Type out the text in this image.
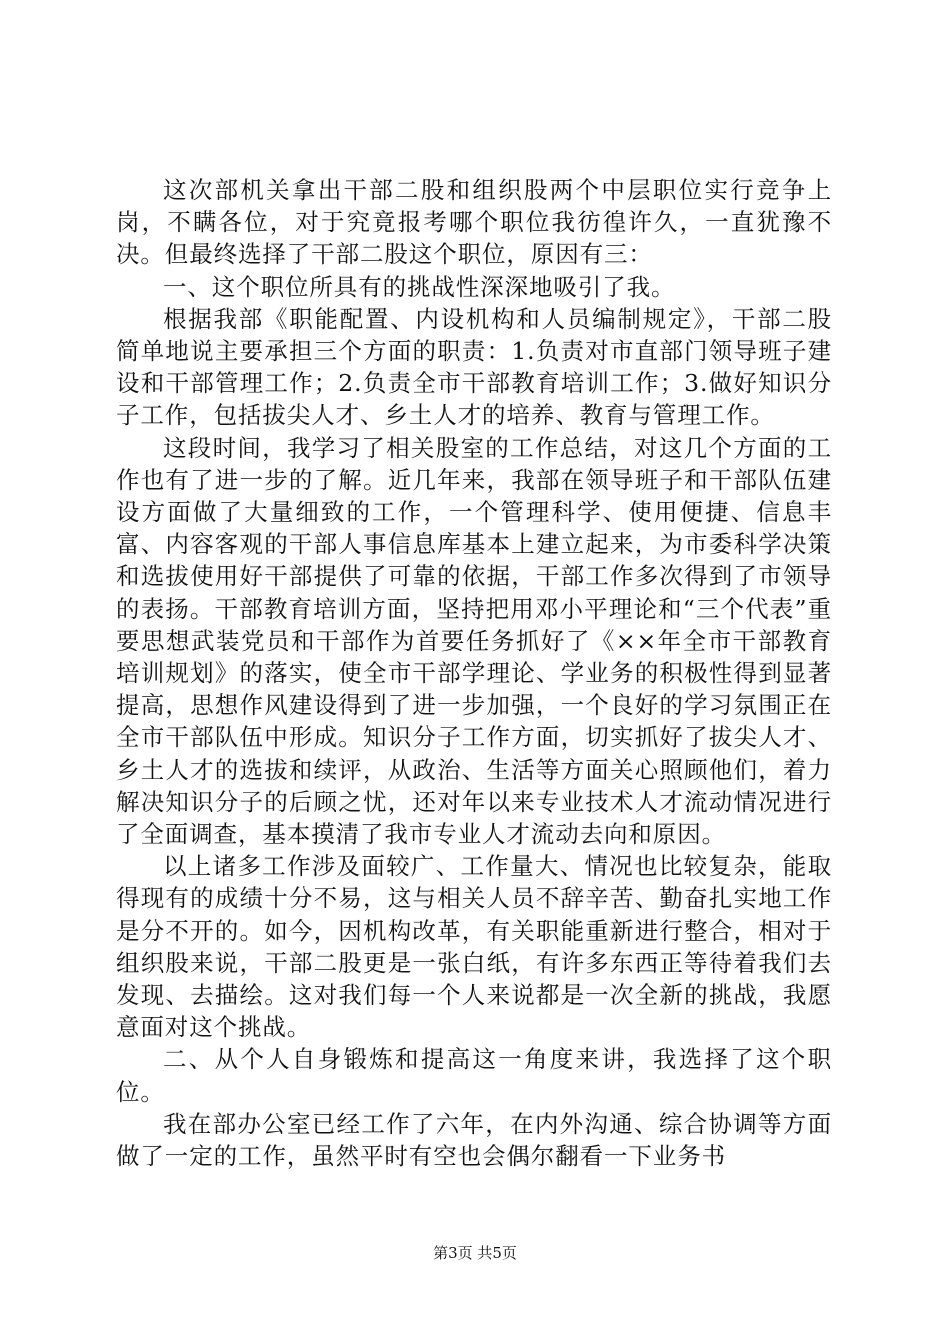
这次部机关拿出干部二股和组织股两个中层职位实行竞争上岗，不瞒各位，对于究竟报考哪个职位我彷徨许久，一直犹豫不决。但最终选择了干部二股这个职位，原因有三：

一、这个职位所具有的挑战性深深地吸引了我。

根据我部《职能配置、内设机构和人员编制规定》，干部二股简单地说主要承担三个方面的职责：1.负责对市直部门领导班子建设和干部管理工作；2.负责全市干部教育培训工作；3.做好知识分子工作，包括拔尖人才、乡土人才的培养、教育与管理工作。

这段时间，我学习了相关股室的工作总结，对这几个方面的工作也有了进一步的了解。近几年来，我部在领导班子和干部队伍建设方面做了大量细致的工作，一个管理科学、使用便捷、信息丰富、内容客观的干部人事信息库基本上建立起来，为市委科学决策和选拔使用好干部提供了可靠的依据，干部工作多次得到了市领导的表扬。干部教育培训方面，坚持把用邓小平理论和“三个代表”重要思想武装党员和干部作为首要任务抓好了《××年全市干部教育培训规划》的落实，使全市干部学理论、学业务的积极性得到显著提高，思想作风建设得到了进一步加强，一个良好的学习氛围正在全市干部队伍中形成。知识分子工作方面，切实抓好了拔尖人才、乡土人才的选拔和续评，从政治、生活等方面关心照顾他们，着力解决知识分子的后顾之忧，还对年以来专业技术人才流动情况进行了全面调查，基本摸清了我市专业人才流动去向和原因。

以上诸多工作涉及面较广、工作量大、情况也比较复杂，能取得现有的成绩十分不易，这与相关人员不辞辛苦、勤奋扎实地工作是分不开的。如今，因机构改革，有关职能重新进行整合，相对于组织股来说，干部二股更是一张白纸，有许多东西正等待着我们去发现、去描绘。这对我们每一个人来说都是一次全新的挑战，我愿意面对这个挑战。

二、从个人自身锻炼和提高这一角度来讲，我选择了这个职位。

我在部办公室已经工作了六年，在内外沟通、综合协调等方面做了一定的工作，虽然平时有空也会偶尔翻看一下业务书

第3页 共5页
